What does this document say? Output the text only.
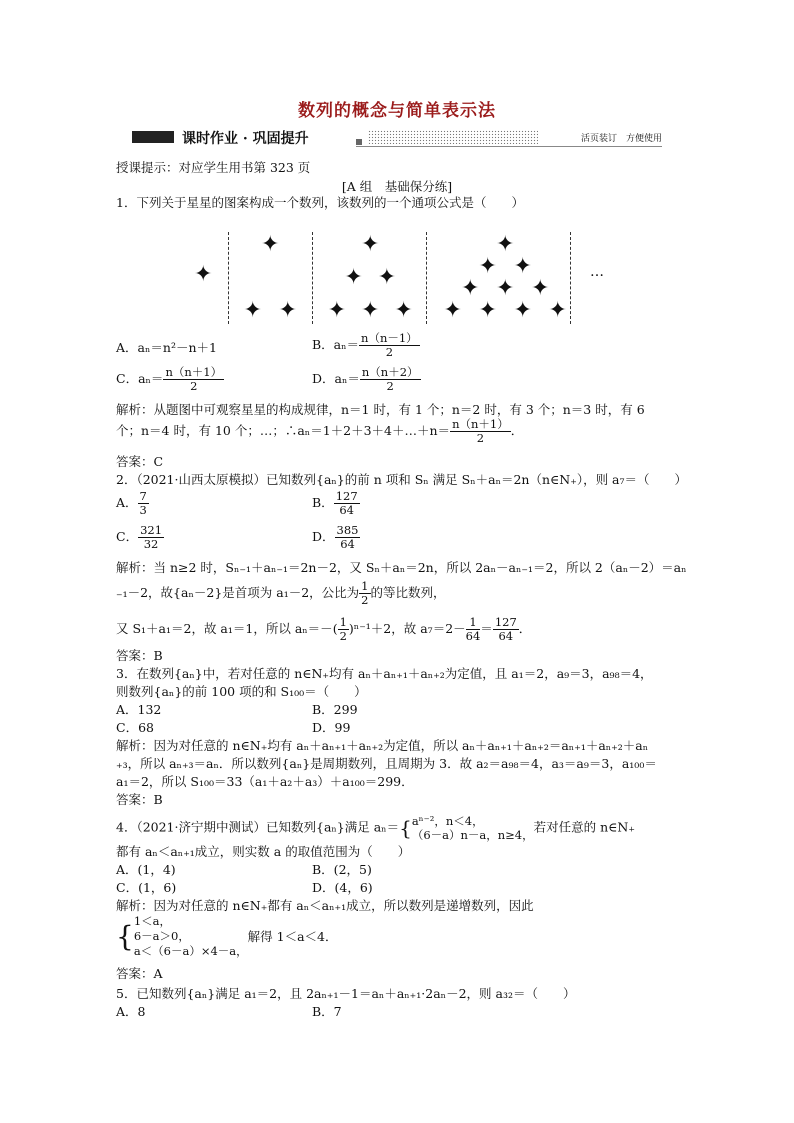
数列的概念与简单表示法
课时作业 · 巩固提升	活页装订　方便使用
授课提示：对应学生用书第 323 页
[A 组　基础保分练]
1．下列关于星星的图案构成一个数列，该数列的一个通项公式是（　　）
…
✦
✦
✦ ✦
✦
✦ ✦
✦ ✦ ✦
✦
✦ ✦
✦ ✦ ✦
✦ ✦ ✦ ✦
A．aₙ＝n²－n＋1	B．$a_n= \frac{n(n-1)}{2}$
C．$a_n= \frac{n(n+1)}{2}$	D．$a_n= \frac{n(n+2)}{2}$
解析：从题图中可观察星星的构成规律，n＝1 时，有 1 个；n＝2 时，有 3 个；n＝3 时，有 6
个；n＝4 时，有 10 个；…；∴aₙ＝1＋2＋3＋4＋…＋n＝ $\frac{n(n+1)}{2}$ ．
答案：C
2．（2021·山西太原模拟）已知数列{aₙ}的前 n 项和 Sₙ 满足 Sₙ＋aₙ＝2n（n∈N₊），则 a₇＝（　　）
A． $\frac{7}{3}$	B． $\frac{127}{64}$
C． $\frac{321}{32}$	D． $\frac{385}{64}$
解析：当 n≥2 时，Sₙ₋₁＋aₙ₋₁＝2n－2，又 Sₙ＋aₙ＝2n，所以 2aₙ－aₙ₋₁＝2，所以 2（aₙ－2）＝aₙ
₋₁－2，故{aₙ－2}是首项为 a₁－2，公比为 $\frac{1}{2}$ 的等比数列，
又 S₁＋a₁＝2，故 a₁＝1，所以 $a_n=-( \frac{1}{2} )^{n-1}+2$，故 $a_7=2- \frac{1}{64} = \frac{127}{64}$ ．
答案：B
3．在数列{aₙ}中，若对任意的 n∈N₊均有 aₙ＋aₙ₊₁＋aₙ₊₂为定值，且 a₁＝2，a₉＝3，a₉₈＝4，
则数列{aₙ}的前 100 项的和 S₁₀₀＝（　　）
A．132	B．299
C．68	D．99
解析：因为对任意的 n∈N₊均有 aₙ＋aₙ₊₁＋aₙ₊₂为定值，所以 aₙ＋aₙ₊₁＋aₙ₊₂＝aₙ₊₁＋aₙ₊₂＋aₙ
₊₃，所以 aₙ₊₃＝aₙ．所以数列{aₙ}是周期数列，且周期为 3．故 a₂＝a₉₈＝4，a₃＝a₉＝3，a₁₀₀＝
a₁＝2，所以 S₁₀₀＝33（a₁＋a₂＋a₃）＋a₁₀₀＝299．
答案：B
4．（2021·济宁期中测试）已知数列{aₙ}满足 aₙ＝{ aⁿ⁻²，n＜4，
（6－a）n－a，n≥4，
若对任意的 n∈N₊
都有 aₙ＜aₙ₊₁成立，则实数 a 的取值范围为（　　）
A．(1，4)	B．(2，5)
C．(1，6)	D．(4，6)
解析：因为对任意的 n∈N₊都有 aₙ＜aₙ₊₁成立，所以数列是递增数列，因此
{ 1＜a，
6－a＞0，
a＜（6－a）×4－a，
解得 1＜a＜4．
答案：A
5．已知数列{aₙ}满足 a₁＝2，且 2aₙ₊₁－1＝aₙ＋aₙ₊₁·2aₙ－2，则 a₃₂＝（　　）
A．8	B．7
